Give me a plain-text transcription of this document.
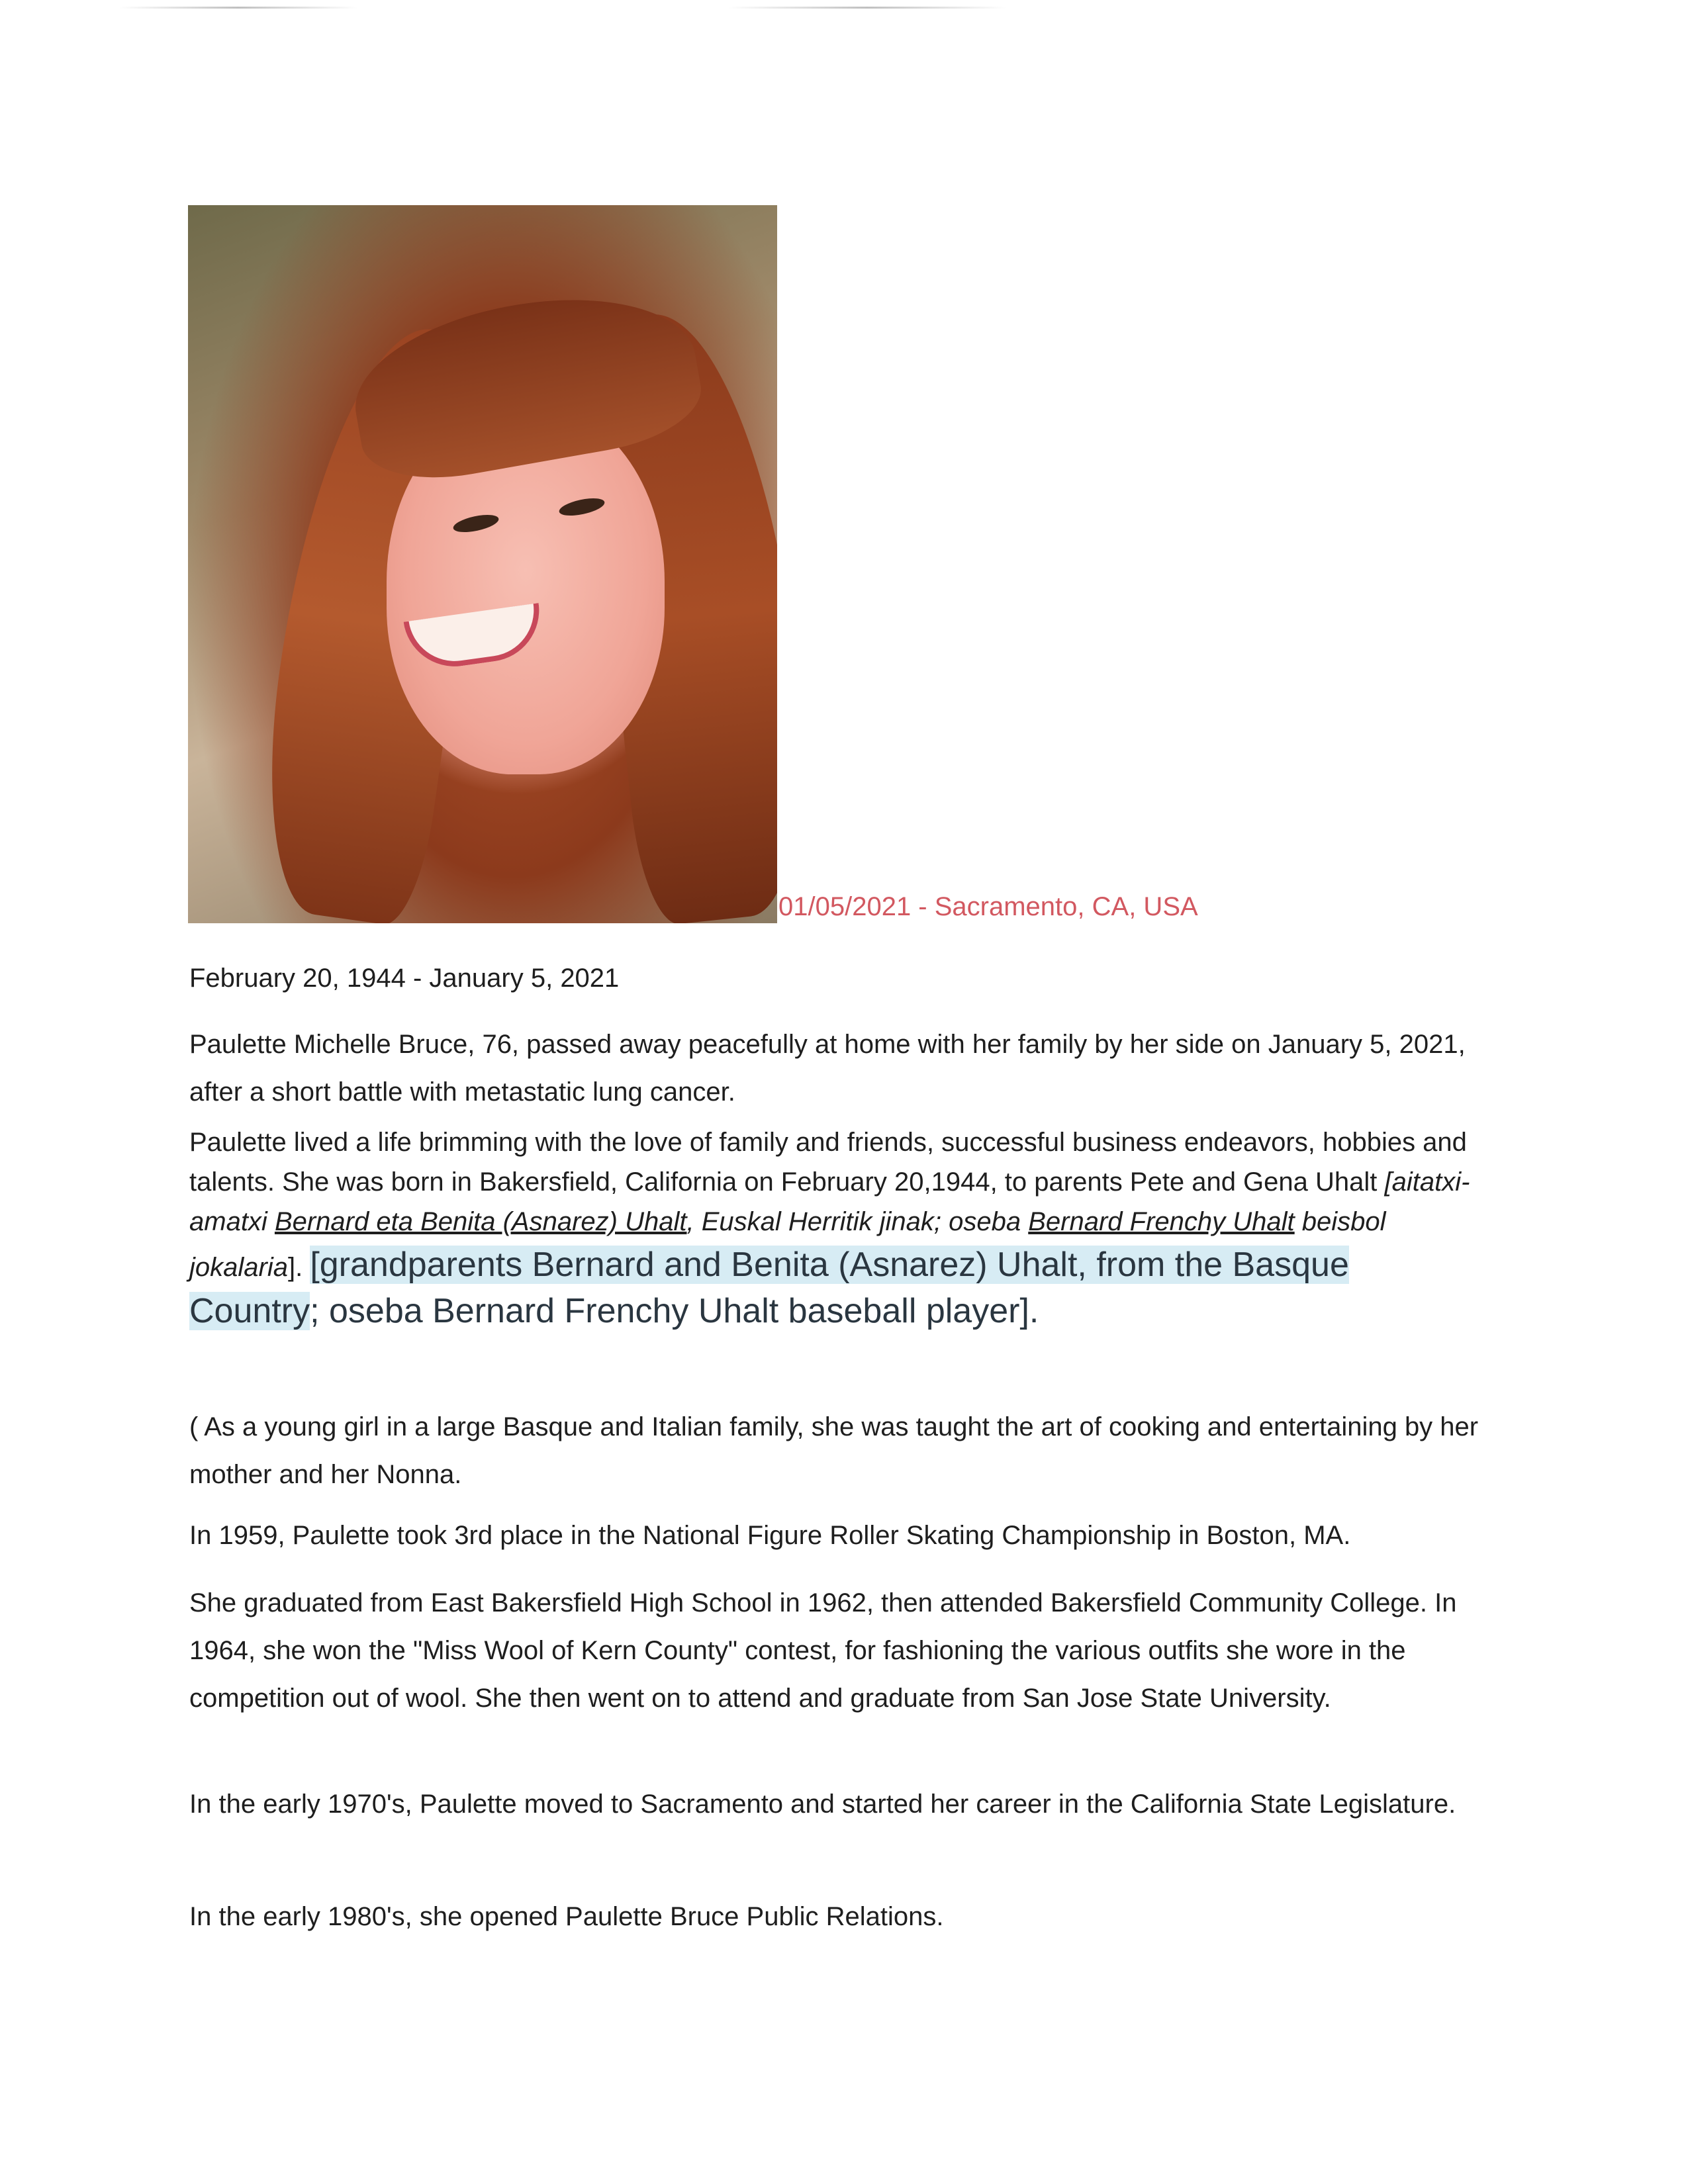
01/05/2021 - Sacramento, CA, USA

February 20, 1944 - January 5, 2021

Paulette Michelle Bruce, 76, passed away peacefully at home with her family by her side on January 5, 2021, after a short battle with metastatic lung cancer.

Paulette lived a life brimming with the love of family and friends, successful business endeavors, hobbies and talents. She was born in Bakersfield, California on February 20,1944, to parents Pete and Gena Uhalt [aitatxi-amatxi Bernard eta Benita (Asnarez) Uhalt, Euskal Herritik jinak; oseba Bernard Frenchy Uhalt beisbol jokalaria]. [grandparents Bernard and Benita (Asnarez) Uhalt, from the Basque Country; oseba Bernard Frenchy Uhalt baseball player].

( As a young girl in a large Basque and Italian family, she was taught the art of cooking and entertaining by her mother and her Nonna.

In 1959, Paulette took 3rd place in the National Figure Roller Skating Championship in Boston, MA.

She graduated from East Bakersfield High School in 1962, then attended Bakersfield Community College. In 1964, she won the "Miss Wool of Kern County" contest, for fashioning the various outfits she wore in the competition out of wool. She then went on to attend and graduate from San Jose State University.

In the early 1970's, Paulette moved to Sacramento and started her career in the California State Legislature.

In the early 1980's, she opened Paulette Bruce Public Relations.
